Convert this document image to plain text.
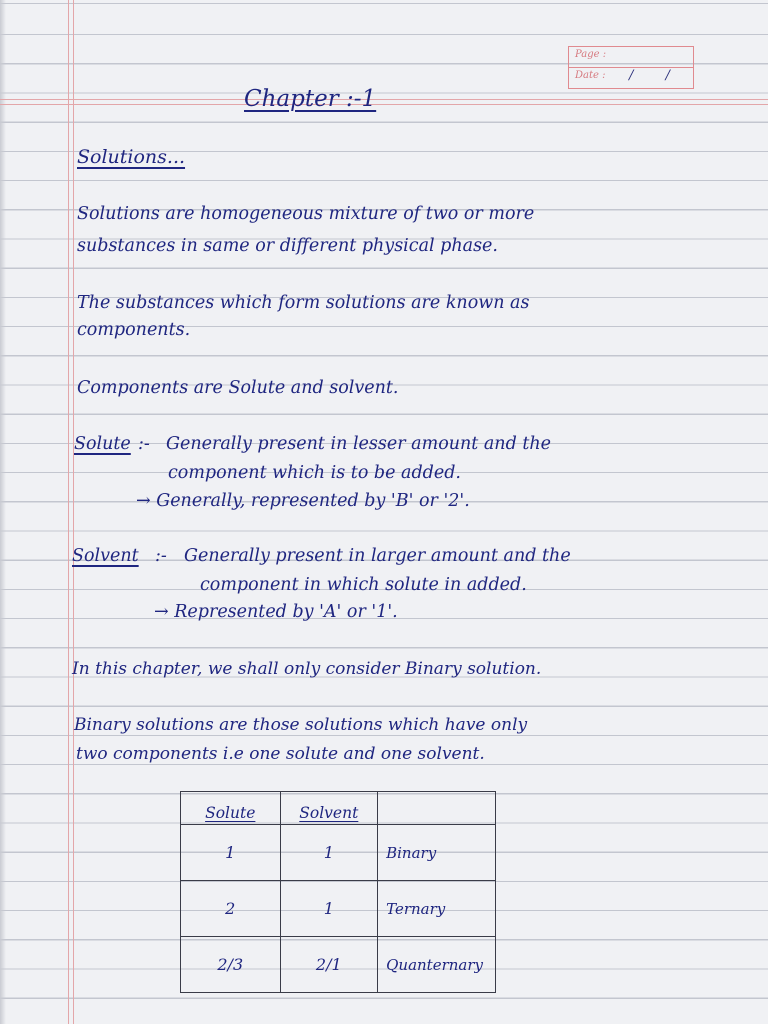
Page :
Date : / /
Chapter :-1
Solutions...
Solutions are homogeneous mixture of two or more
substances in same or different physical phase.
The substances which form solutions are known as
components.
Components are Solute and solvent.
Solute :- Generally present in lesser amount and the
component which is to be added.
→ Generally, represented by 'B' or '2'.
Solvent :- Generally present in larger amount and the
component in which solute in added.
→ Represented by 'A' or '1'.
In this chapter, we shall only consider Binary solution.
Binary solutions are those solutions which have only
two components i.e one solute and one solvent.
Solute	Solvent	
1	1	Binary
2	1	Ternary
2/3	2/1	Quanternary
